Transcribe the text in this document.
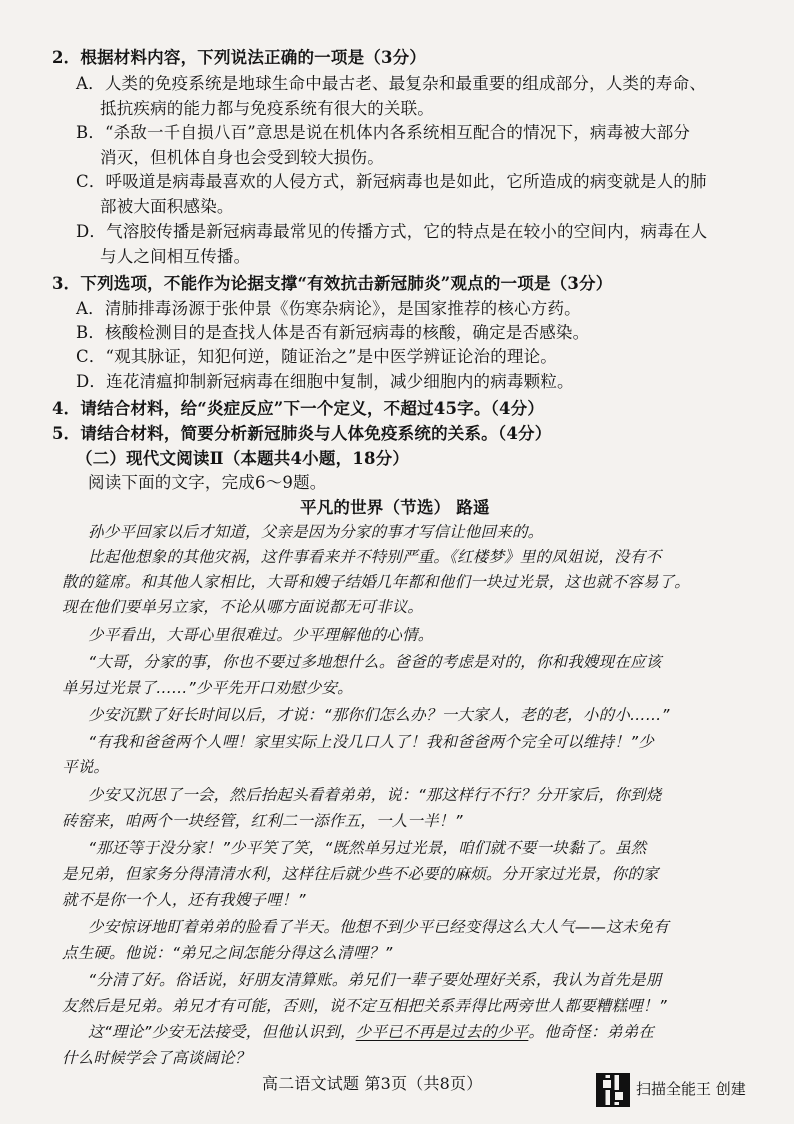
2．根据材料内容，下列说法正确的一项是（3分）
A．人类的免疫系统是地球生命中最古老、最复杂和最重要的组成部分，人类的寿命、
抵抗疾病的能力都与免疫系统有很大的关联。
B．“杀敌一千自损八百”意思是说在机体内各系统相互配合的情况下，病毒被大部分
消灭，但机体自身也会受到较大损伤。
C．呼吸道是病毒最喜欢的人侵方式，新冠病毒也是如此，它所造成的病变就是人的肺
部被大面积感染。
D．气溶胶传播是新冠病毒最常见的传播方式，它的特点是在较小的空间内，病毒在人
与人之间相互传播。
3．下列选项，不能作为论据支撑“有效抗击新冠肺炎”观点的一项是（3分）
A．清肺排毒汤源于张仲景《伤寒杂病论》，是国家推荐的核心方药。
B．核酸检测目的是查找人体是否有新冠病毒的核酸，确定是否感染。
C．“观其脉证，知犯何逆，随证治之”是中医学辨证论治的理论。
D．连花清瘟抑制新冠病毒在细胞中复制，减少细胞内的病毒颗粒。
4．请结合材料，给“炎症反应”下一个定义，不超过45字。（4分）
5．请结合材料，简要分析新冠肺炎与人体免疫系统的关系。（4分）
（二）现代文阅读Ⅱ（本题共4小题，18分）
阅读下面的文字，完成6～9题。
平凡的世界（节选） 路遥
孙少平回家以后才知道，父亲是因为分家的事才写信让他回来的。
比起他想象的其他灾祸，这件事看来并不特别严重。《红楼梦》里的凤姐说，没有不
散的筵席。和其他人家相比，大哥和嫂子结婚几年都和他们一块过光景，这也就不容易了。
现在他们要单另立家，不论从哪方面说都无可非议。
少平看出，大哥心里很难过。少平理解他的心情。
“大哥，分家的事，你也不要过多地想什么。爸爸的考虑是对的，你和我嫂现在应该
单另过光景了……”少平先开口劝慰少安。
少安沉默了好长时间以后，才说：“那你们怎么办？一大家人，老的老，小的小……”
“有我和爸爸两个人哩！家里实际上没几口人了！我和爸爸两个完全可以维持！”少
平说。
少安又沉思了一会，然后抬起头看着弟弟，说：“那这样行不行？分开家后，你到烧
砖窑来，咱两个一块经管，红利二一添作五，一人一半！”
“那还等于没分家！”少平笑了笑，“既然单另过光景，咱们就不要一块黏了。虽然
是兄弟，但家务分得清清水利，这样往后就少些不必要的麻烦。分开家过光景，你的家
就不是你一个人，还有我嫂子哩！”
少安惊讶地盯着弟弟的脸看了半天。他想不到少平已经变得这么大人气——这未免有
点生硬。他说：“弟兄之间怎能分得这么清哩？”
“分清了好。俗话说，好朋友清算账。弟兄们一辈子要处理好关系，我认为首先是朋
友然后是兄弟。弟兄才有可能，否则，说不定互相把关系弄得比两旁世人都要糟糕哩！”
这“理论”少安无法接受，但他认识到，少平已不再是过去的少平。他奇怪：弟弟在
什么时候学会了高谈阔论？
高二语文试题 第3页（共8页）	扫描全能王 创建
